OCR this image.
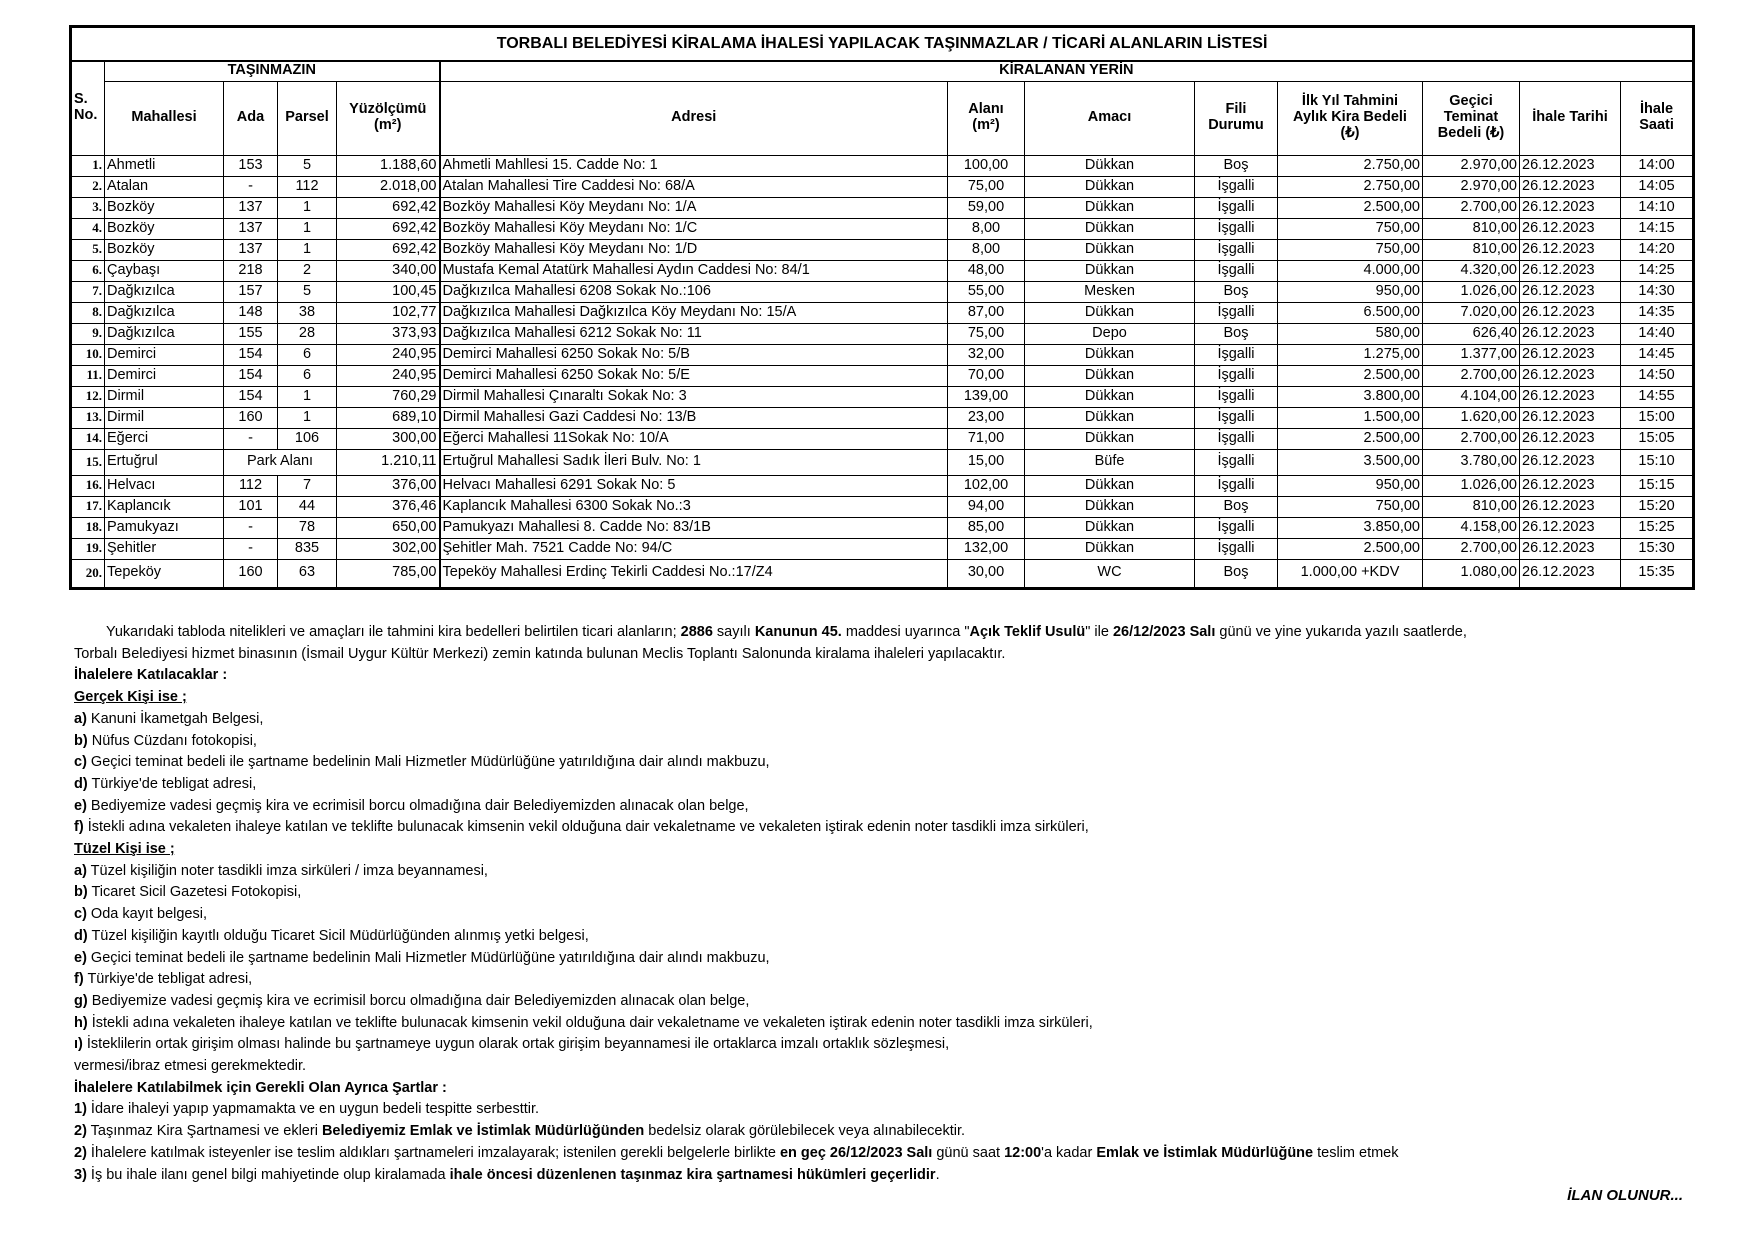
TORBALI BELEDİYESİ KİRALAMA İHALESİ YAPILACAK TAŞINMAZLAR / TİCARİ ALANLARIN LİSTESİ												
S.
No.	TAŞINMAZIN				KİRALANAN YERİN							
	Mahallesi	Ada	Parsel	Yüzölçümü
(m²)	Adresi	Alanı
(m²)	Amacı	Fili
Durumu	İlk Yıl Tahmini
Aylık Kira Bedeli
(₺)	Geçici
Teminat
Bedeli (₺)	İhale Tarihi	İhale
Saati
1.	Ahmetli	153	5	1.188,60	Ahmetli Mahllesi 15. Cadde No: 1	100,00	Dükkan	Boş	2.750,00	2.970,00	26.12.2023	14:00
2.	Atalan	-	112	2.018,00	Atalan Mahallesi Tire Caddesi No: 68/A	75,00	Dükkan	İşgalli	2.750,00	2.970,00	26.12.2023	14:05
3.	Bozköy	137	1	692,42	Bozköy Mahallesi Köy Meydanı No: 1/A	59,00	Dükkan	İşgalli	2.500,00	2.700,00	26.12.2023	14:10
4.	Bozköy	137	1	692,42	Bozköy Mahallesi Köy Meydanı No: 1/C	8,00	Dükkan	İşgalli	750,00	810,00	26.12.2023	14:15
5.	Bozköy	137	1	692,42	Bozköy Mahallesi Köy Meydanı No: 1/D	8,00	Dükkan	İşgalli	750,00	810,00	26.12.2023	14:20
6.	Çaybaşı	218	2	340,00	Mustafa Kemal Atatürk Mahallesi Aydın Caddesi No: 84/1	48,00	Dükkan	İşgalli	4.000,00	4.320,00	26.12.2023	14:25
7.	Dağkızılca	157	5	100,45	Dağkızılca Mahallesi 6208 Sokak No.:106	55,00	Mesken	Boş	950,00	1.026,00	26.12.2023	14:30
8.	Dağkızılca	148	38	102,77	Dağkızılca Mahallesi Dağkızılca Köy Meydanı No: 15/A	87,00	Dükkan	İşgalli	6.500,00	7.020,00	26.12.2023	14:35
9.	Dağkızılca	155	28	373,93	Dağkızılca Mahallesi 6212 Sokak No: 11	75,00	Depo	Boş	580,00	626,40	26.12.2023	14:40
10.	Demirci	154	6	240,95	Demirci Mahallesi 6250 Sokak No: 5/B	32,00	Dükkan	İşgalli	1.275,00	1.377,00	26.12.2023	14:45
11.	Demirci	154	6	240,95	Demirci Mahallesi 6250 Sokak No: 5/E	70,00	Dükkan	İşgalli	2.500,00	2.700,00	26.12.2023	14:50
12.	Dirmil	154	1	760,29	Dirmil Mahallesi Çınaraltı Sokak No: 3	139,00	Dükkan	İşgalli	3.800,00	4.104,00	26.12.2023	14:55
13.	Dirmil	160	1	689,10	Dirmil Mahallesi Gazi Caddesi No: 13/B	23,00	Dükkan	İşgalli	1.500,00	1.620,00	26.12.2023	15:00
14.	Eğerci	-	106	300,00	Eğerci Mahallesi 11Sokak No: 10/A	71,00	Dükkan	İşgalli	2.500,00	2.700,00	26.12.2023	15:05
15.	Ertuğrul	Park Alanı		1.210,11	Ertuğrul Mahallesi Sadık İleri Bulv. No: 1	15,00	Büfe	İşgalli	3.500,00	3.780,00	26.12.2023	15:10
16.	Helvacı	112	7	376,00	Helvacı Mahallesi 6291 Sokak No: 5	102,00	Dükkan	İşgalli	950,00	1.026,00	26.12.2023	15:15
17.	Kaplancık	101	44	376,46	Kaplancık Mahallesi 6300 Sokak No.:3	94,00	Dükkan	Boş	750,00	810,00	26.12.2023	15:20
18.	Pamukyazı	-	78	650,00	Pamukyazı Mahallesi 8. Cadde No: 83/1B	85,00	Dükkan	İşgalli	3.850,00	4.158,00	26.12.2023	15:25
19.	Şehitler	-	835	302,00	Şehitler Mah. 7521 Cadde No: 94/C	132,00	Dükkan	İşgalli	2.500,00	2.700,00	26.12.2023	15:30
20.	Tepeköy	160	63	785,00	Tepeköy Mahallesi Erdinç Tekirli Caddesi No.:17/Z4	30,00	WC	Boş	1.000,00 +KDV	1.080,00	26.12.2023	15:35

Yukarıdaki tabloda nitelikleri ve amaçları ile tahmini kira bedelleri belirtilen ticari alanların; 2886 sayılı Kanunun 45. maddesi uyarınca "Açık Teklif Usulü" ile 26/12/2023 Salı günü ve yine yukarıda yazılı saatlerde,

Torbalı Belediyesi hizmet binasının (İsmail Uygur Kültür Merkezi) zemin katında bulunan Meclis Toplantı Salonunda kiralama ihaleleri yapılacaktır.

İhalelere Katılacaklar :

Gerçek Kişi ise ;

a) Kanuni İkametgah Belgesi,

b) Nüfus Cüzdanı fotokopisi,

c) Geçici teminat bedeli ile şartname bedelinin Mali Hizmetler Müdürlüğüne yatırıldığına dair alındı makbuzu,

d) Türkiye'de tebligat adresi,

e) Bediyemize vadesi geçmiş kira ve ecrimisil borcu olmadığına dair Belediyemizden alınacak olan belge,

f) İstekli adına vekaleten ihaleye katılan ve teklifte bulunacak kimsenin vekil olduğuna dair vekaletname ve vekaleten iştirak edenin noter tasdikli imza sirküleri,

Tüzel Kişi ise ;

a) Tüzel kişiliğin noter tasdikli imza sirküleri / imza beyannamesi,

b) Ticaret Sicil Gazetesi Fotokopisi,

c) Oda kayıt belgesi,

d) Tüzel kişiliğin kayıtlı olduğu Ticaret Sicil Müdürlüğünden alınmış yetki belgesi,

e) Geçici teminat bedeli ile şartname bedelinin Mali Hizmetler Müdürlüğüne yatırıldığına dair alındı makbuzu,

f) Türkiye'de tebligat adresi,

g) Bediyemize vadesi geçmiş kira ve ecrimisil borcu olmadığına dair Belediyemizden alınacak olan belge,

h) İstekli adına vekaleten ihaleye katılan ve teklifte bulunacak kimsenin vekil olduğuna dair vekaletname ve vekaleten iştirak edenin noter tasdikli imza sirküleri,

ı) İsteklilerin ortak girişim olması halinde bu şartnameye uygun olarak ortak girişim beyannamesi ile ortaklarca imzalı ortaklık sözleşmesi,

vermesi/ibraz etmesi gerekmektedir.

İhalelere Katılabilmek için Gerekli Olan Ayrıca Şartlar :

1) İdare ihaleyi yapıp yapmamakta ve en uygun bedeli tespitte serbesttir.

2) Taşınmaz Kira Şartnamesi ve ekleri Belediyemiz Emlak ve İstimlak Müdürlüğünden bedelsiz olarak görülebilecek veya alınabilecektir.

2) İhalelere katılmak isteyenler ise teslim aldıkları şartnameleri imzalayarak; istenilen gerekli belgelerle birlikte en geç 26/12/2023 Salı günü saat 12:00'a kadar Emlak ve İstimlak Müdürlüğüne teslim etmek

3) İş bu ihale ilanı genel bilgi mahiyetinde olup kiralamada ihale öncesi düzenlenen taşınmaz kira şartnamesi hükümleri geçerlidir.

İLAN OLUNUR...
